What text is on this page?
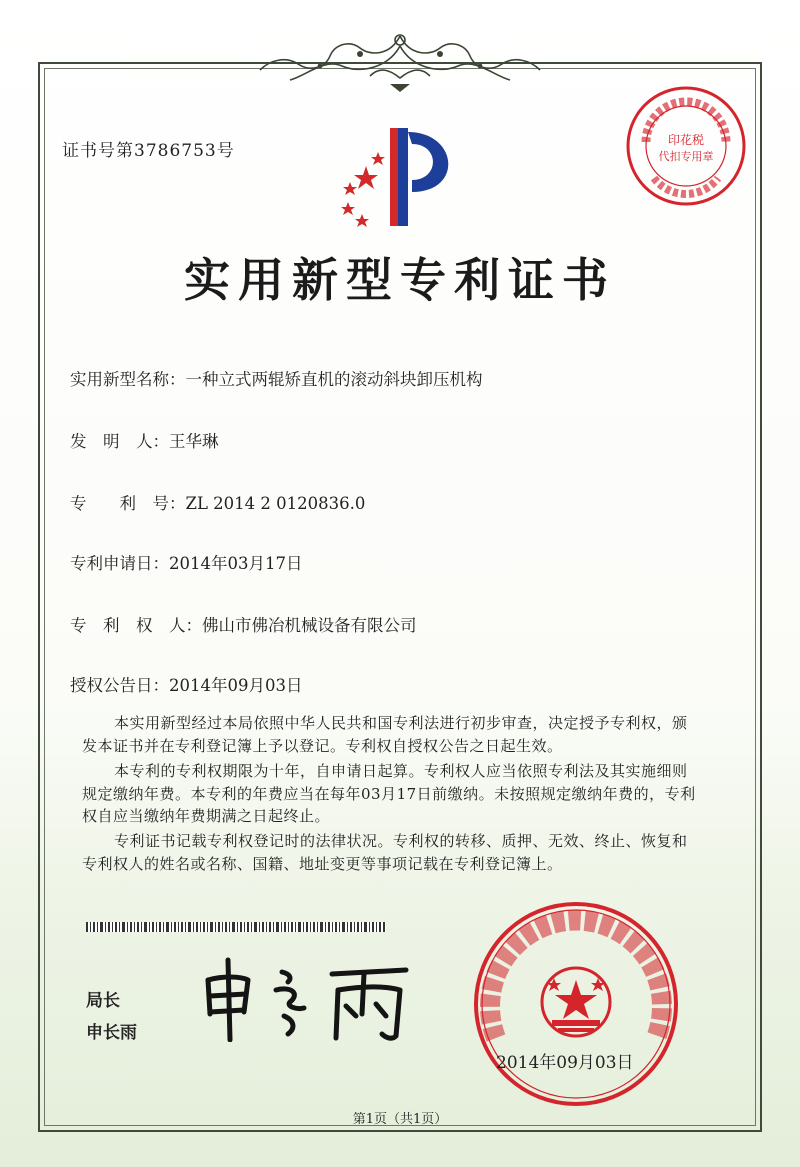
证书号第3786753号
印花税
代扣专用章
实用新型专利证书
实用新型名称：一种立式两辊矫直机的滚动斜块卸压机构
发　明　人：王华琳
专　　利　号：ZL 2014 2 0120836.0
专利申请日：2014年03月17日
专　利　权　人：佛山市佛冶机械设备有限公司
授权公告日：2014年09月03日
本实用新型经过本局依照中华人民共和国专利法进行初步审查，决定授予专利权，颁发本证书并在专利登记簿上予以登记。专利权自授权公告之日起生效。
本专利的专利权期限为十年，自申请日起算。专利权人应当依照专利法及其实施细则规定缴纳年费。本专利的年费应当在每年03月17日前缴纳。未按照规定缴纳年费的，专利权自应当缴纳年费期满之日起终止。
专利证书记载专利权登记时的法律状况。专利权的转移、质押、无效、终止、恢复和专利权人的姓名或名称、国籍、地址变更等事项记载在专利登记簿上。
局长
申长雨
2014年09月03日
第1页（共1页）
